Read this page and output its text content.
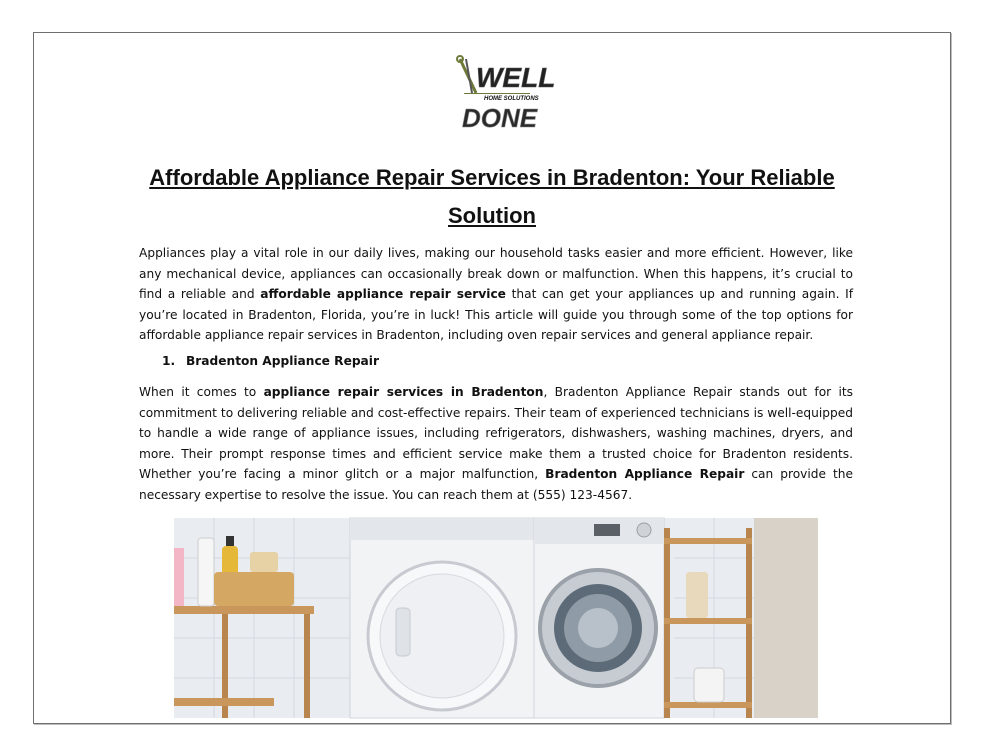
WELL
HOME SOLUTIONS
DONE
Affordable Appliance Repair Services in Bradenton: Your Reliable Solution
Appliances play a vital role in our daily lives, making our household tasks easier and more efficient. However, like any mechanical device, appliances can occasionally break down or malfunction. When this happens, it’s crucial to find a reliable and affordable appliance repair service that can get your appliances up and running again. If you’re located in Bradenton, Florida, you’re in luck! This article will guide you through some of the top options for affordable appliance repair services in Bradenton, including oven repair services and general appliance repair.
1. Bradenton Appliance Repair
When it comes to appliance repair services in Bradenton, Bradenton Appliance Repair stands out for its commitment to delivering reliable and cost-effective repairs. Their team of experienced technicians is well-equipped to handle a wide range of appliance issues, including refrigerators, dishwashers, washing machines, dryers, and more. Their prompt response times and efficient service make them a trusted choice for Bradenton residents. Whether you’re facing a minor glitch or a major malfunction, Bradenton Appliance Repair can provide the necessary expertise to resolve the issue. You can reach them at (555) 123-4567.
